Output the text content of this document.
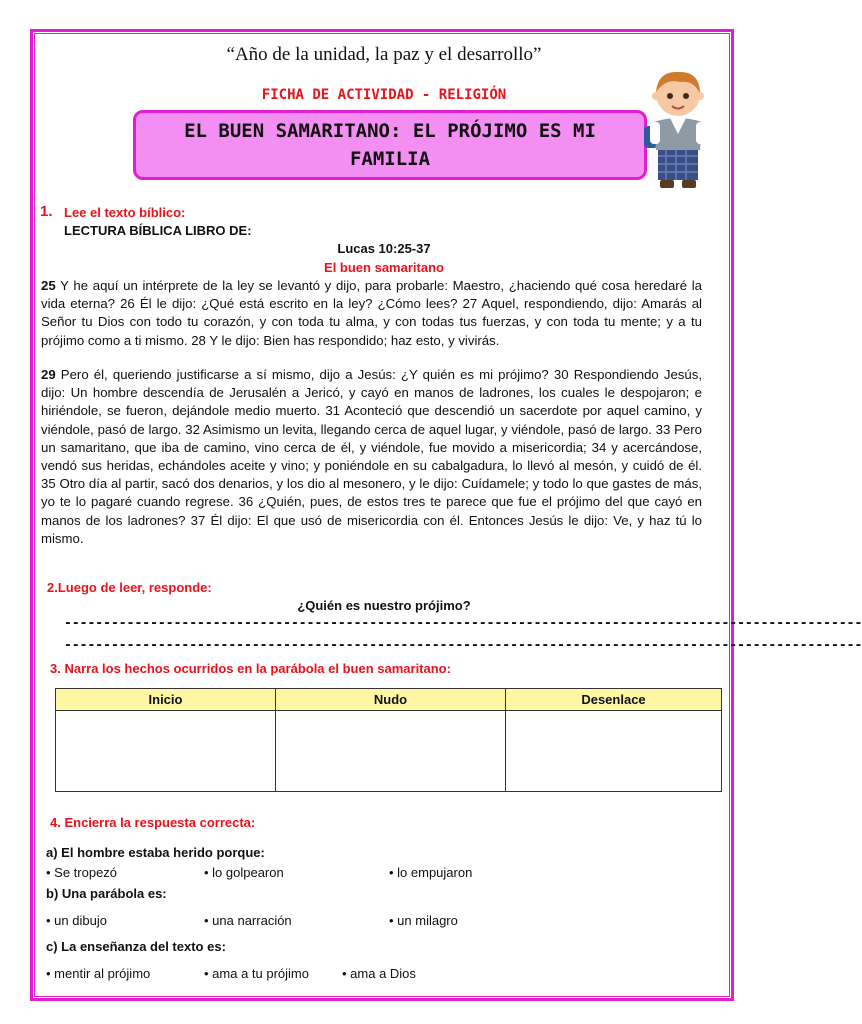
“Año de la unidad, la paz y el desarrollo”
FICHA DE ACTIVIDAD - RELIGIÓN
EL BUEN SAMARITANO: EL PRÓJIMO ES MI
FAMILIA
1. Lee el texto bíblico:
LECTURA BÍBLICA LIBRO DE:
Lucas 10:25-37
El buen samaritano
25 Y he aquí un intérprete de la ley se levantó y dijo, para probarle: Maestro, ¿haciendo qué cosa heredaré la vida eterna? 26 Él le dijo: ¿Qué está escrito en la ley? ¿Cómo lees? 27 Aquel, respondiendo, dijo: Amarás al Señor tu Dios con todo tu corazón, y con toda tu alma, y con todas tus fuerzas, y con toda tu mente; y a tu prójimo como a ti mismo. 28 Y le dijo: Bien has respondido; haz esto, y vivirás.
29 Pero él, queriendo justificarse a sí mismo, dijo a Jesús: ¿Y quién es mi prójimo? 30 Respondiendo Jesús, dijo: Un hombre descendía de Jerusalén a Jericó, y cayó en manos de ladrones, los cuales le despojaron; e hiriéndole, se fueron, dejándole medio muerto. 31 Aconteció que descendió un sacerdote por aquel camino, y viéndole, pasó de largo. 32 Asimismo un levita, llegando cerca de aquel lugar, y viéndole, pasó de largo. 33 Pero un samaritano, que iba de camino, vino cerca de él, y viéndole, fue movido a misericordia; 34 y acercándose, vendó sus heridas, echándoles aceite y vino; y poniéndole en su cabalgadura, lo llevó al mesón, y cuidó de él. 35 Otro día al partir, sacó dos denarios, y los dio al mesonero, y le dijo: Cuídamele; y todo lo que gastes de más, yo te lo pagaré cuando regrese. 36 ¿Quién, pues, de estos tres te parece que fue el prójimo del que cayó en manos de los ladrones? 37 Él dijo: El que usó de misericordia con él. Entonces Jesús le dijo: Ve, y haz tú lo mismo.
2.Luego de leer, responde:
¿Quién es nuestro prójimo?
------------------------------------------------------------------------------------------------------
------------------------------------------------------------------------------------------------------
3. Narra los hechos ocurridos en la parábola el buen samaritano:
Inicio	Nudo	Desenlace

4. Encierra la respuesta correcta:
a) El hombre estaba herido porque:
• Se tropezó	• lo golpearon	• lo empujaron
b) Una parábola es:
• un dibujo	• una narración	• un milagro
c) La enseñanza del texto es:
• mentir al prójimo	• ama a tu prójimo	• ama a Dios
